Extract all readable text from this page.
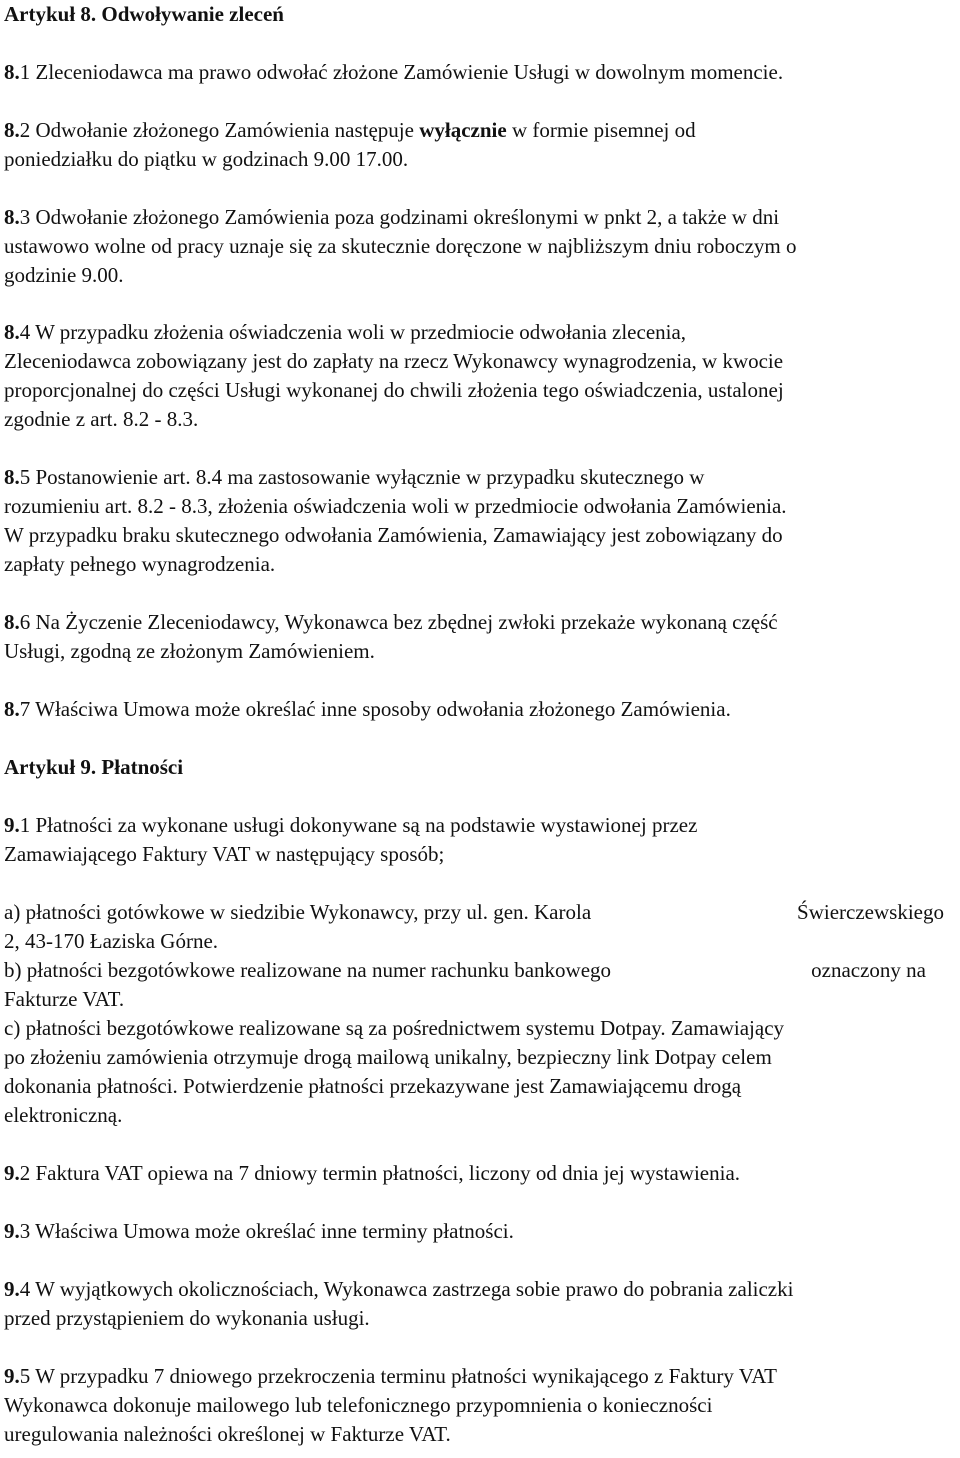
Artykuł 8. Odwoływanie zleceń
8.1 Zleceniodawca ma prawo odwołać złożone Zamówienie Usługi w dowolnym momencie.
8.2 Odwołanie złożonego Zamówienia następuje wyłącznie w formie pisemnej od
poniedziałku do piątku w godzinach 9.00 17.00.
8.3 Odwołanie złożonego Zamówienia poza godzinami określonymi w pnkt 2, a także w dni
ustawowo wolne od pracy uznaje się za skutecznie doręczone w najbliższym dniu roboczym o
godzinie 9.00.
8.4 W przypadku złożenia oświadczenia woli w przedmiocie odwołania zlecenia,
Zleceniodawca zobowiązany jest do zapłaty na rzecz Wykonawcy wynagrodzenia, w kwocie
proporcjonalnej do części Usługi wykonanej do chwili złożenia tego oświadczenia, ustalonej
zgodnie z art. 8.2 - 8.3.
8.5 Postanowienie art. 8.4 ma zastosowanie wyłącznie w przypadku skutecznego w
rozumieniu art. 8.2 - 8.3, złożenia oświadczenia woli w przedmiocie odwołania Zamówienia.
W przypadku braku skutecznego odwołania Zamówienia, Zamawiający jest zobowiązany do
zapłaty pełnego wynagrodzenia.
8.6 Na Życzenie Zleceniodawcy, Wykonawca bez zbędnej zwłoki przekaże wykonaną część
Usługi, zgodną ze złożonym Zamówieniem.
8.7 Właściwa Umowa może określać inne sposoby odwołania złożonego Zamówienia.
Artykuł 9. Płatności
9.1 Płatności za wykonane usługi dokonywane są na podstawie wystawionej przez
Zamawiającego Faktury VAT w następujący sposób;
a) płatności gotówkowe w siedzibie Wykonawcy, przy ul. gen. Karola	Świerczewskiego
2, 43-170 Łaziska Górne.
b) płatności bezgotówkowe realizowane na numer rachunku bankowego	oznaczony na
Fakturze VAT.
c) płatności bezgotówkowe realizowane są za pośrednictwem systemu Dotpay. Zamawiający
po złożeniu zamówienia otrzymuje drogą mailową unikalny, bezpieczny link Dotpay celem
dokonania płatności. Potwierdzenie płatności przekazywane jest Zamawiającemu drogą
elektroniczną.
9.2 Faktura VAT opiewa na 7 dniowy termin płatności, liczony od dnia jej wystawienia.
9.3 Właściwa Umowa może określać inne terminy płatności.
9.4 W wyjątkowych okolicznościach, Wykonawca zastrzega sobie prawo do pobrania zaliczki
przed przystąpieniem do wykonania usługi.
9.5 W przypadku 7 dniowego przekroczenia terminu płatności wynikającego z Faktury VAT
Wykonawca dokonuje mailowego lub telefonicznego przypomnienia o konieczności
uregulowania należności określonej w Fakturze VAT.
